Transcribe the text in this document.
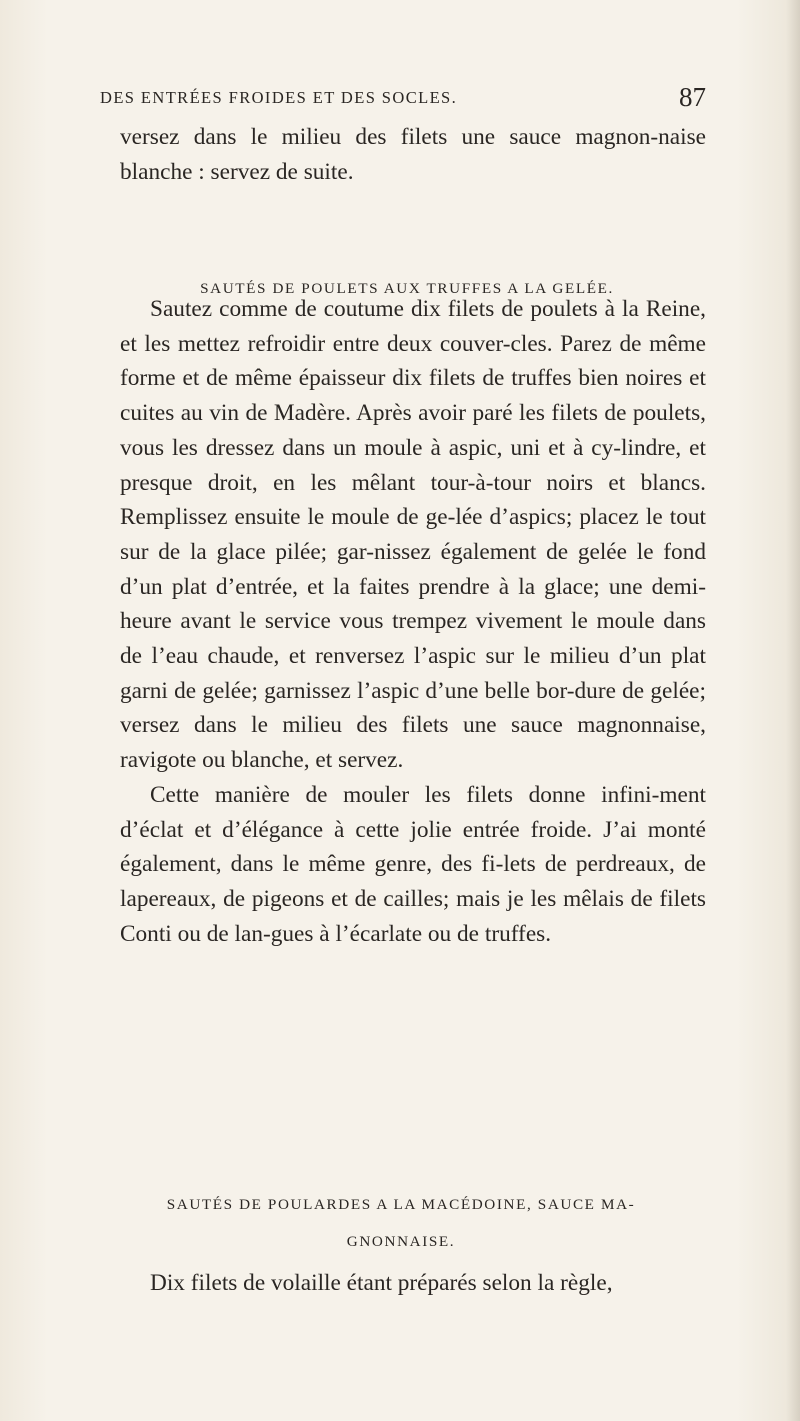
DES ENTRÉES FROIDES ET DES SOCLES.	87

versez dans le milieu des filets une sauce magnon-naise blanche : servez de suite.

SAUTÉS DE POULETS AUX TRUFFES A LA GELÉE.

Sautez comme de coutume dix filets de poulets à la Reine, et les mettez refroidir entre deux couver-cles. Parez de même forme et de même épaisseur dix filets de truffes bien noires et cuites au vin de Madère. Après avoir paré les filets de poulets, vous les dressez dans un moule à aspic, uni et à cy-lindre, et presque droit, en les mêlant tour-à-tour noirs et blancs. Remplissez ensuite le moule de ge-lée d’aspics; placez le tout sur de la glace pilée; gar-nissez également de gelée le fond d’un plat d’entrée, et la faites prendre à la glace; une demi-heure avant le service vous trempez vivement le moule dans de l’eau chaude, et renversez l’aspic sur le milieu d’un plat garni de gelée; garnissez l’aspic d’une belle bor-dure de gelée; versez dans le milieu des filets une sauce magnonnaise, ravigote ou blanche, et servez.

Cette manière de mouler les filets donne infini-ment d’éclat et d’élégance à cette jolie entrée froide. J’ai monté également, dans le même genre, des fi-lets de perdreaux, de lapereaux, de pigeons et de cailles; mais je les mêlais de filets Conti ou de lan-gues à l’écarlate ou de truffes.

SAUTÉS DE POULARDES A LA MACÉDOINE, SAUCE MA-GNONNAISE.

Dix filets de volaille étant préparés selon la règle,
